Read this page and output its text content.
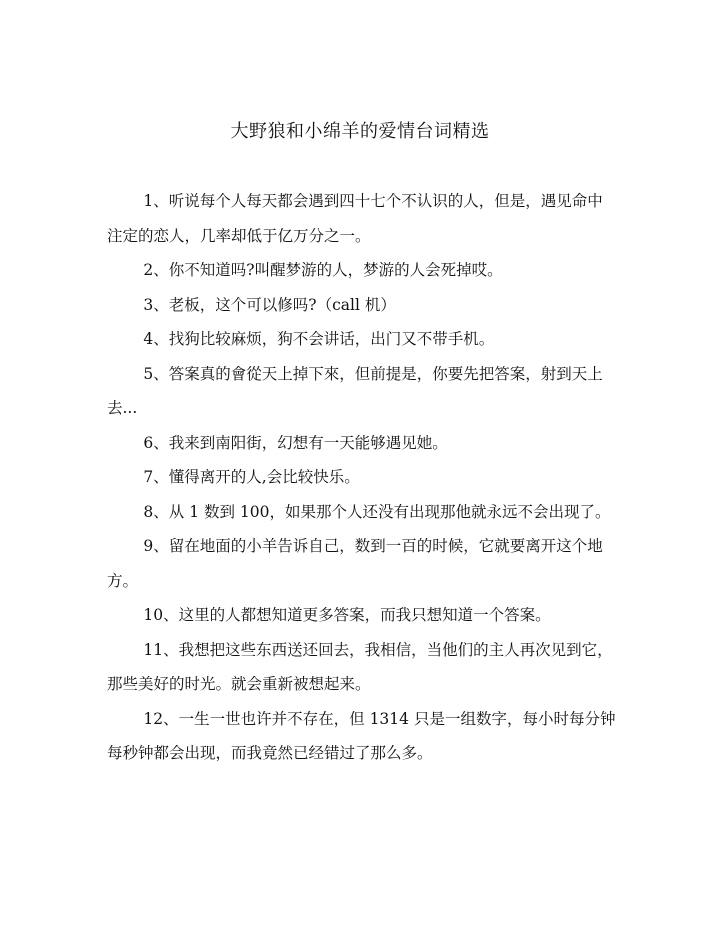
大野狼和小绵羊的爱情台词精选

1、听说每个人每天都会遇到四十七个不认识的人，但是，遇见命中注定的恋人，几率却低于亿万分之一。

2、你不知道吗?叫醒梦游的人，梦游的人会死掉哎。

3、老板，这个可以修吗?（call 机）

4、找狗比较麻烦，狗不会讲话，出门又不带手机。

5、答案真的會從天上掉下來，但前提是，你要先把答案，射到天上去...

6、我来到南阳街，幻想有一天能够遇见她。

7、懂得离开的人,会比较快乐。

8、从 1 数到 100，如果那个人还没有出现那他就永远不会出现了。

9、留在地面的小羊告诉自己，数到一百的时候，它就要离开这个地方。

10、这里的人都想知道更多答案，而我只想知道一个答案。

11、我想把这些东西送还回去，我相信，当他们的主人再次见到它，那些美好的时光。就会重新被想起来。

12、一生一世也许并不存在，但 1314 只是一组数字，每小时每分钟每秒钟都会出现，而我竟然已经错过了那么多。
